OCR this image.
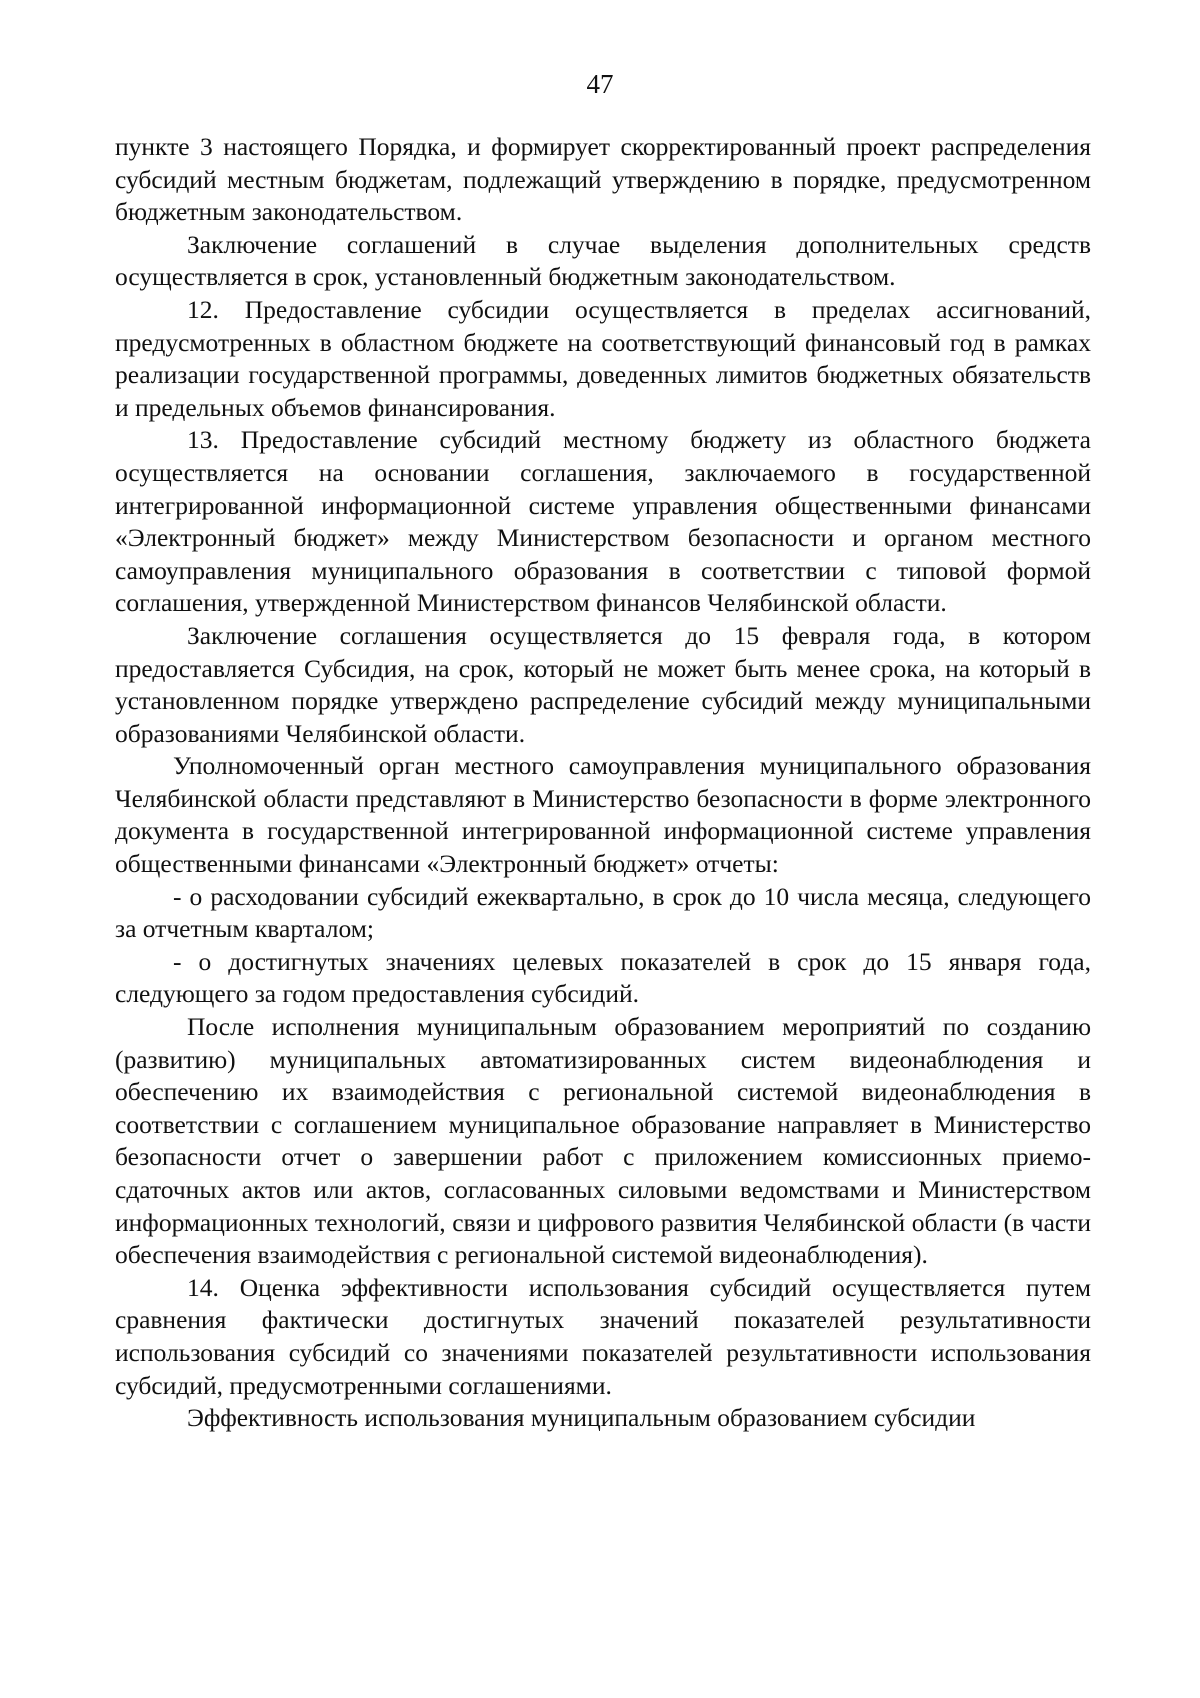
47

пункте 3 настоящего Порядка, и формирует скорректированный проект распределения субсидий местным бюджетам, подлежащий утверждению в порядке, предусмотренном бюджетным законодательством.

Заключение соглашений в случае выделения дополнительных средств осуществляется в срок, установленный бюджетным законодательством.

12. Предоставление субсидии осуществляется в пределах ассигнований, предусмотренных в областном бюджете на соответствующий финансовый год в рамках реализации государственной программы, доведенных лимитов бюджетных обязательств и предельных объемов финансирования.

13. Предоставление субсидий местному бюджету из областного бюджета осуществляется на основании соглашения, заключаемого в государственной интегрированной информационной системе управления общественными финансами «Электронный бюджет» между Министерством безопасности и органом местного самоуправления муниципального образования в соответствии с типовой формой соглашения, утвержденной Министерством финансов Челябинской области.

Заключение соглашения осуществляется до 15 февраля года, в котором предоставляется Субсидия, на срок, который не может быть менее срока, на который в установленном порядке утверждено распределение субсидий между муниципальными образованиями Челябинской области.

Уполномоченный орган местного самоуправления муниципального образования Челябинской области представляют в Министерство безопасности в форме электронного документа в государственной интегрированной информационной системе управления общественными финансами «Электронный бюджет» отчеты:

- о расходовании субсидий ежеквартально, в срок до 10 числа месяца, следующего за отчетным кварталом;

- о достигнутых значениях целевых показателей в срок до 15 января года, следующего за годом предоставления субсидий.

После исполнения муниципальным образованием мероприятий по созданию (развитию) муниципальных автоматизированных систем видеонаблюдения и обеспечению их взаимодействия с региональной системой видеонаблюдения в соответствии с соглашением муниципальное образование направляет в Министерство безопасности отчет о завершении работ с приложением комиссионных приемо-сдаточных актов или актов, согласованных силовыми ведомствами и Министерством информационных технологий, связи и цифрового развития Челябинской области (в части обеспечения взаимодействия с региональной системой видеонаблюдения).

14. Оценка эффективности использования субсидий осуществляется путем сравнения фактически достигнутых значений показателей результативности использования субсидий со значениями показателей результативности использования субсидий, предусмотренными соглашениями.

Эффективность использования муниципальным образованием субсидии
